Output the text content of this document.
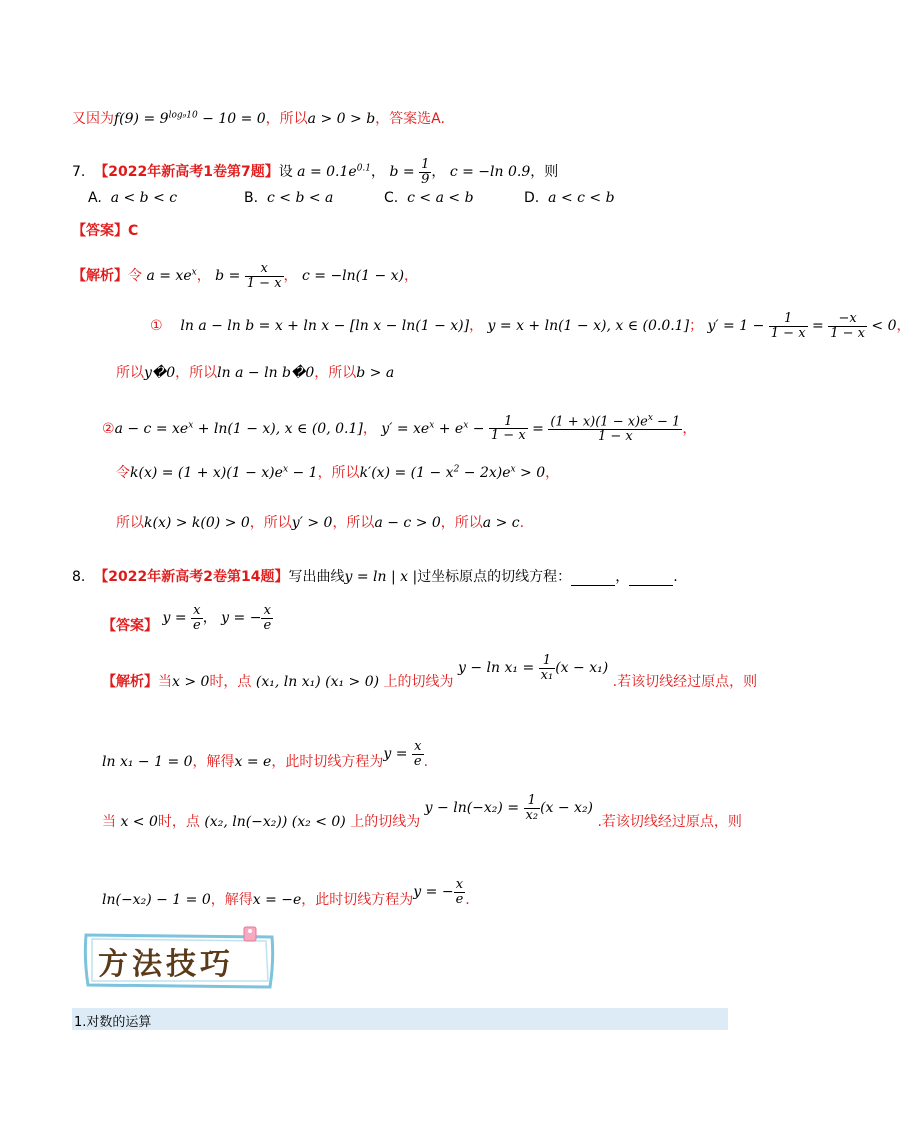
又因为$f(9) = 9^{log_910} - 10 = 0$，所以a > 0 > b，答案选A.
7. 【2022年新高考1卷第7题】设 $a = 0.1e^{0.1}$， $b = \frac{1}{9}$ ， c = −ln 0.9，则
A. a < b < c	B. c < b < a	C. c < a < b	D. a < c < b
【答案】C
【解析】令 $a = xe^x$， $b = \frac{x}{1 - x}$ ， c = −ln(1 − x)，
① ln a − ln b = x + ln x − [ln x − ln(1 − x)]， y = x + ln(1 − x), x ∈ (0.0.1]； $y' = 1 - \frac{1}{1 - x} = \frac{-x}{1 - x} < 0$，
所以y�0，所以ln a − ln b�0，所以b > a
②a − $c = xe^x + \ln(1 - x)$, x ∈ (0, 0.1]， $y' = xe^x + e^x - \frac{1}{1 - x} = \frac{(1 + x)(1 - x)e^x - 1}{1 - x}$ ，
令$k(x) = (1 + x)(1 - x)e^x - 1$，所以$k'(x) = (1 - x^2 - 2x)e^x > 0$，
所以k(x) > k(0) > 0，所以y′ > 0，所以a − c > 0，所以a > c.
8. 【2022年新高考2卷第14题】写出曲线y = ln | x |过坐标原点的切线方程：	，	.
【答案】 $y = \frac{x}{e}$ ， y = − $\frac{x}{e}$
【解析】当x > 0时，点 (x₁, ln x₁) (x₁ > 0) 上的切线为 $y - \ln x_1 = \frac{1}{\text{x₁}} (x - x_1)$ .若该切线经过原点，则
ln x₁ − 1 = 0，解得x = e，此时切线方程为$y = \frac{x}{e}$ .
当 x < 0时，点 (x₂, ln(−x₂)) (x₂ < 0) 上的切线为 $y - \ln(-x_2) = \frac{1}{\text{x₂}} (x - x_2)$ .若该切线经过原点，则
ln(−x₂) − 1 = 0，解得x = −e，此时切线方程为y = − $\frac{x}{e}$ .
方法技巧
1.对数的运算
